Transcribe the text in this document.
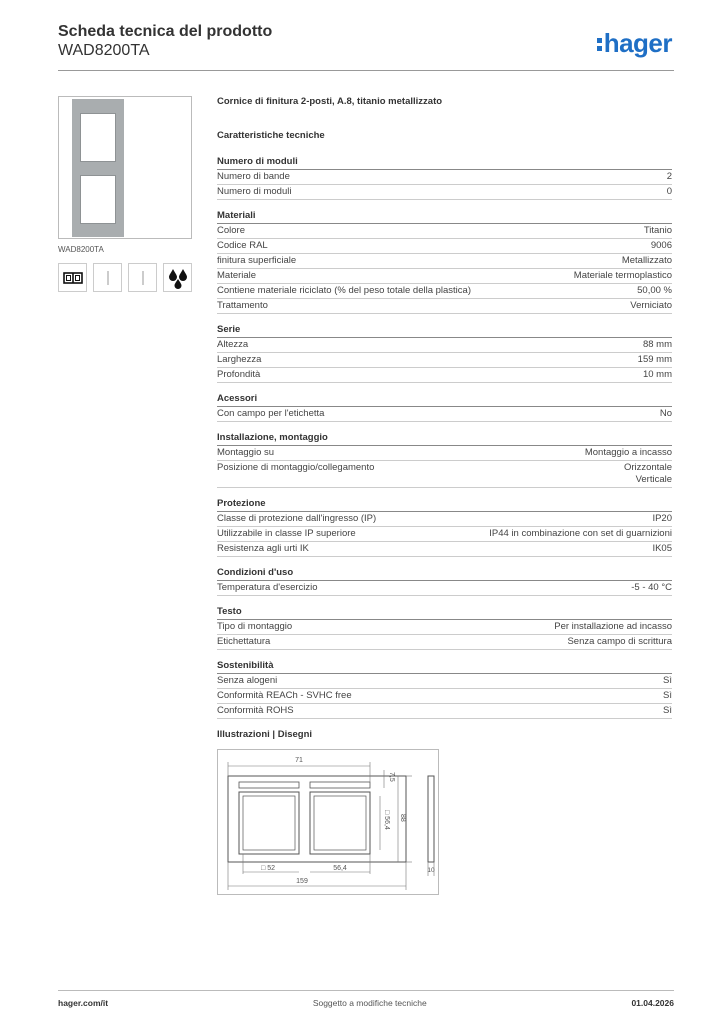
Scheda tecnica del prodotto
WAD8200TA	hager
WAD8200TA
Cornice di finitura 2-posti, A.8, titanio metallizzato
Caratteristiche tecniche
Numero di moduli
Numero di bande	2
Numero di moduli	0
Materiali
Colore	Titanio
Codice RAL	9006
finitura superficiale	Metallizzato
Materiale	Materiale termoplastico
Contiene materiale riciclato (% del peso totale della plastica)	50,00 %
Trattamento	Verniciato
Serie
Altezza	88 mm
Larghezza	159 mm
Profondità	10 mm
Acessori
Con campo per l'etichetta	No
Installazione, montaggio
Montaggio su	Montaggio a incasso
Posizione di montaggio/collegamento	Orizzontale
Verticale
Protezione
Classe di protezione dall'ingresso (IP)	IP20
Utilizzabile in classe IP superiore	IP44 in combinazione con set di guarnizioni
Resistenza agli urti IK	IK05
Condizioni d'uso
Temperatura d'esercizio	-5 - 40 °C
Testo
Tipo di montaggio	Per installazione ad incasso
Etichettatura	Senza campo di scrittura
Sostenibilità
Senza alogeni	Sì
Conformità REACh - SVHC free	Sì
Conformità ROHS	Sì
Illustrazioni | Disegni
71
7,5
□ 56,4 88
□ 52	56,4
159
10
hager.com/it	Soggetto a modifiche tecniche	01.04.2026
